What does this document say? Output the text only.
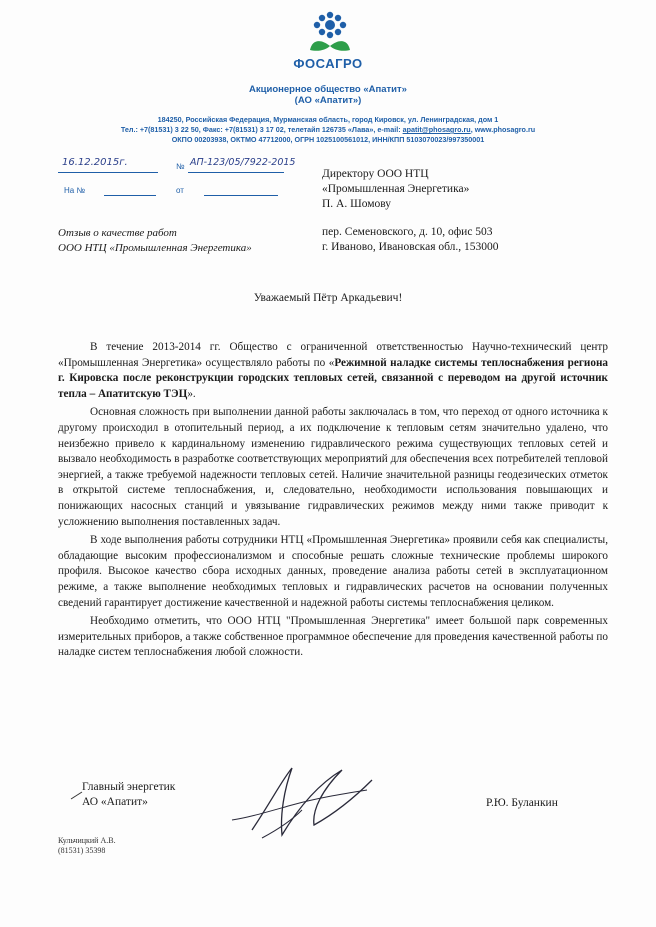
ФОСАГРО
Акционерное общество «Апатит»
(АО «Апатит»)
184250, Российская Федерация, Мурманская область, город Кировск, ул. Ленинградская, дом 1
Тел.: +7(81531) 3 22 50, Факс: +7(81531) 3 17 02, телетайп 126735 «Лава», e-mail: apatit@phosagro.ru, www.phosagro.ru
ОКПО 00203938, ОКТМО 47712000, ОГРН 1025100561012, ИНН/КПП 5103070023/997350001
16.12.2015г.	№ АП-123/05/7922-2015
На №	от
Директору ООО НТЦ
«Промышленная Энергетика»
П. А. Шомову
пер. Семеновского, д. 10, офис 503
г. Иваново, Ивановская обл., 153000
Отзыв о качестве работ
ООО НТЦ «Промышленная Энергетика»
Уважаемый Пётр Аркадьевич!

В течение 2013-2014 гг. Общество с ограниченной ответственностью Научно-технический центр «Промышленная Энергетика» осуществляло работы по «Режимной наладке системы теплоснабжения региона г. Кировска после реконструкции городских тепловых сетей, связанной с переводом на другой источник тепла – Апатитскую ТЭЦ».

Основная сложность при выполнении данной работы заключалась в том, что переход от одного источника к другому происходил в отопительный период, а их подключение к тепловым сетям значительно удалено, что неизбежно привело к кардинальному изменению гидравлического режима существующих тепловых сетей и вызвало необходимость в разработке соответствующих мероприятий для обеспечения всех потребителей тепловой энергией, а также требуемой надежности тепловых сетей. Наличие значительной разницы геодезических отметок в открытой системе теплоснабжения, и, следовательно, необходимости использования повышающих и понижающих насосных станций и увязывание гидравлических режимов между ними также приводит к усложнению выполнения поставленных задач.

В ходе выполнения работы сотрудники НТЦ «Промышленная Энергетика» проявили себя как специалисты, обладающие высоким профессионализмом и способные решать сложные технические проблемы широкого профиля. Высокое качество сбора исходных данных, проведение анализа работы сетей в эксплуатационном режиме, а также выполнение необходимых тепловых и гидравлических расчетов на основании полученных сведений гарантирует достижение качественной и надежной работы системы теплоснабжения целиком.

Необходимо отметить, что ООО НТЦ "Промышленная Энергетика" имеет большой парк современных измерительных приборов, а также собственное программное обеспечение для проведения качественной работы по наладке систем теплоснабжения любой сложности.

Главный энергетик
АО «Апатит»	Р.Ю. Буланкин
Кульчицкий А.В.
(81531) 35398
